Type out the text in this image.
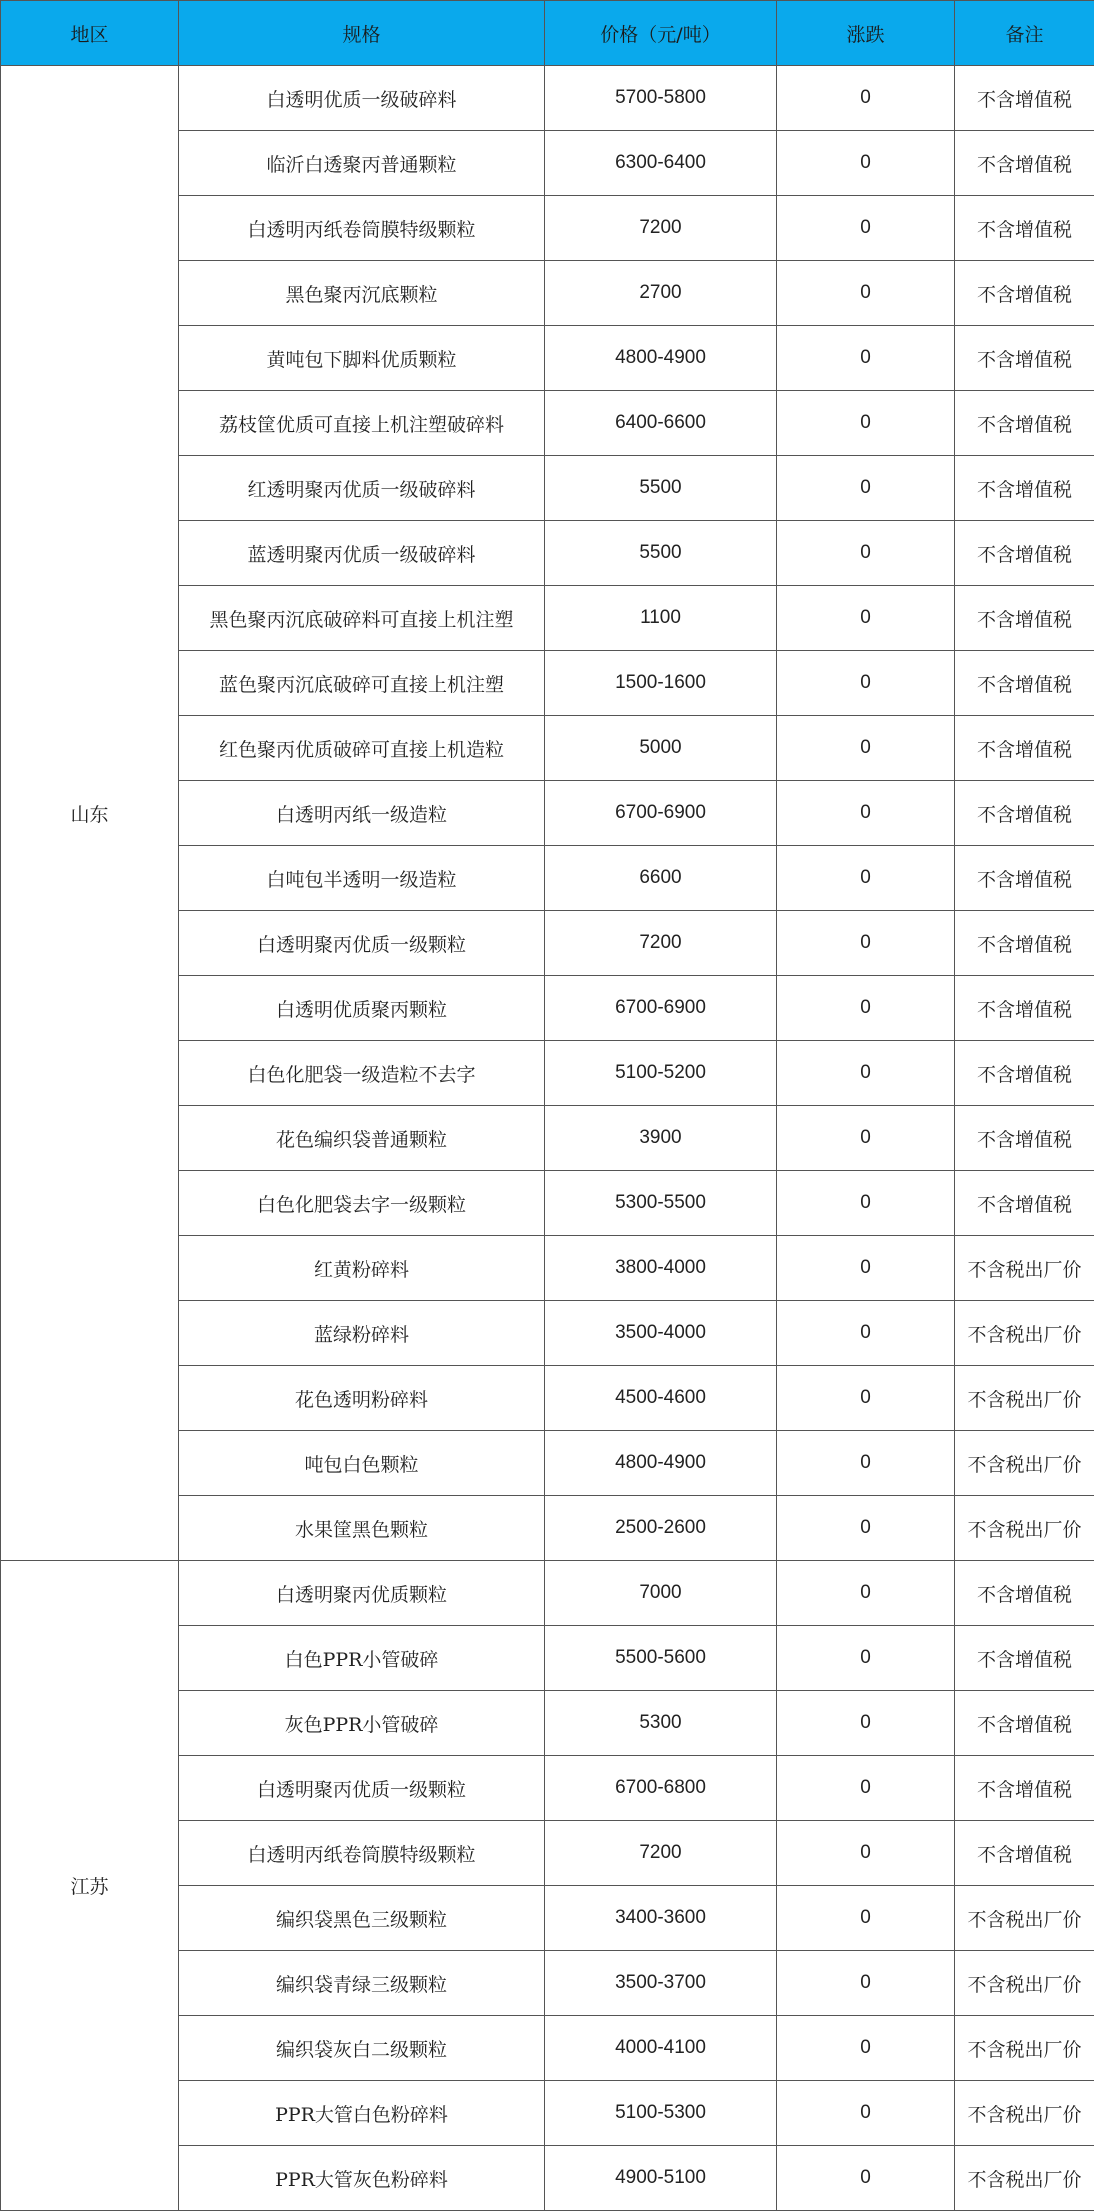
地区	规格	价格（元/吨）	涨跌	备注
山东	白透明优质一级破碎料	5700-5800	0	不含增值税
	临沂白透聚丙普通颗粒	6300-6400	0	不含增值税
	白透明丙纸卷筒膜特级颗粒	7200	0	不含增值税
	黑色聚丙沉底颗粒	2700	0	不含增值税
	黄吨包下脚料优质颗粒	4800-4900	0	不含增值税
	荔枝筐优质可直接上机注塑破碎料	6400-6600	0	不含增值税
	红透明聚丙优质一级破碎料	5500	0	不含增值税
	蓝透明聚丙优质一级破碎料	5500	0	不含增值税
	黑色聚丙沉底破碎料可直接上机注塑	1100	0	不含增值税
	蓝色聚丙沉底破碎可直接上机注塑	1500-1600	0	不含增值税
	红色聚丙优质破碎可直接上机造粒	5000	0	不含增值税
	白透明丙纸一级造粒	6700-6900	0	不含增值税
	白吨包半透明一级造粒	6600	0	不含增值税
	白透明聚丙优质一级颗粒	7200	0	不含增值税
	白透明优质聚丙颗粒	6700-6900	0	不含增值税
	白色化肥袋一级造粒不去字	5100-5200	0	不含增值税
	花色编织袋普通颗粒	3900	0	不含增值税
	白色化肥袋去字一级颗粒	5300-5500	0	不含增值税
	红黄粉碎料	3800-4000	0	不含税出厂价
	蓝绿粉碎料	3500-4000	0	不含税出厂价
	花色透明粉碎料	4500-4600	0	不含税出厂价
	吨包白色颗粒	4800-4900	0	不含税出厂价
	水果筐黑色颗粒	2500-2600	0	不含税出厂价
江苏	白透明聚丙优质颗粒	7000	0	不含增值税
	白色PPR小管破碎	5500-5600	0	不含增值税
	灰色PPR小管破碎	5300	0	不含增值税
	白透明聚丙优质一级颗粒	6700-6800	0	不含增值税
	白透明丙纸卷筒膜特级颗粒	7200	0	不含增值税
	编织袋黑色三级颗粒	3400-3600	0	不含税出厂价
	编织袋青绿三级颗粒	3500-3700	0	不含税出厂价
	编织袋灰白二级颗粒	4000-4100	0	不含税出厂价
	PPR大管白色粉碎料	5100-5300	0	不含税出厂价
	PPR大管灰色粉碎料	4900-5100	0	不含税出厂价
